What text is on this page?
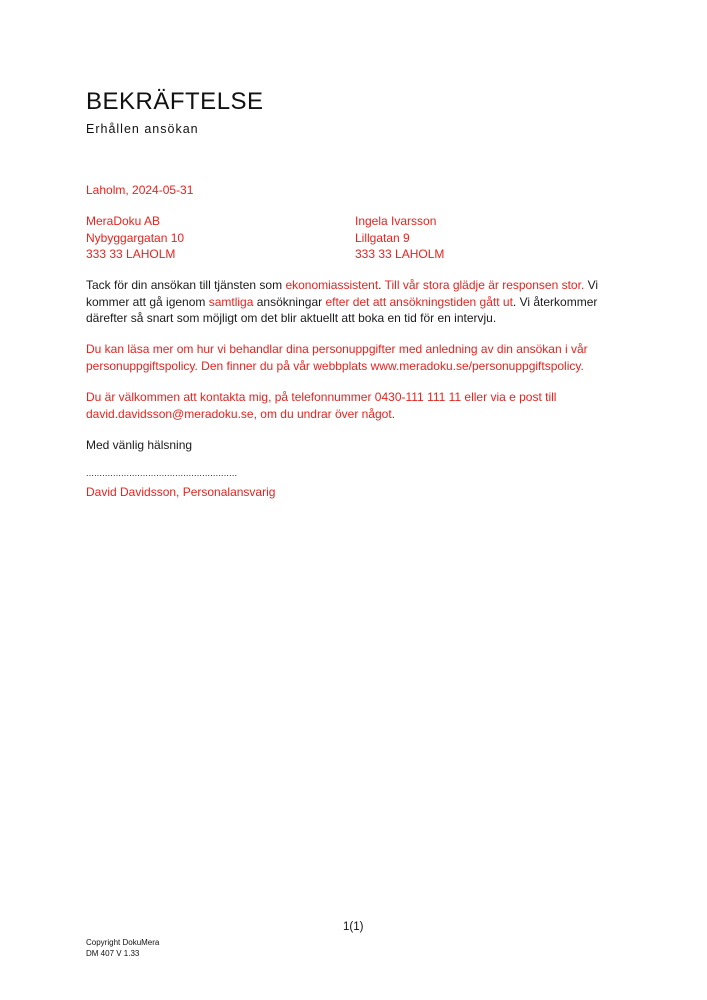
BEKRÄFTELSE
Erhållen ansökan
Laholm, 2024-05-31
MeraDoku AB
Nybyggargatan 10
333 33 LAHOLM
Ingela Ivarsson
Lillgatan 9
333 33 LAHOLM

Tack för din ansökan till tjänsten som ekonomiassistent. Till vår stora glädje är responsen stor. Vi kommer att gå igenom samtliga ansökningar efter det att ansökningstiden gått ut. Vi återkommer därefter så snart som möjligt om det blir aktuellt att boka en tid för en intervju.

Du kan läsa mer om hur vi behandlar dina personuppgifter med anledning av din ansökan i vår personuppgiftspolicy. Den finner du på vår webbplats www.meradoku.se/personuppgiftspolicy.

Du är välkommen att kontakta mig, på telefonnummer 0430-111 111 11 eller via e post till david.davidsson@meradoku.se, om du undrar över något.

Med vänlig hälsning
........................................................
David Davidsson, Personalansvarig
1(1)
Copyright DokuMera
DM 407 V 1.33
